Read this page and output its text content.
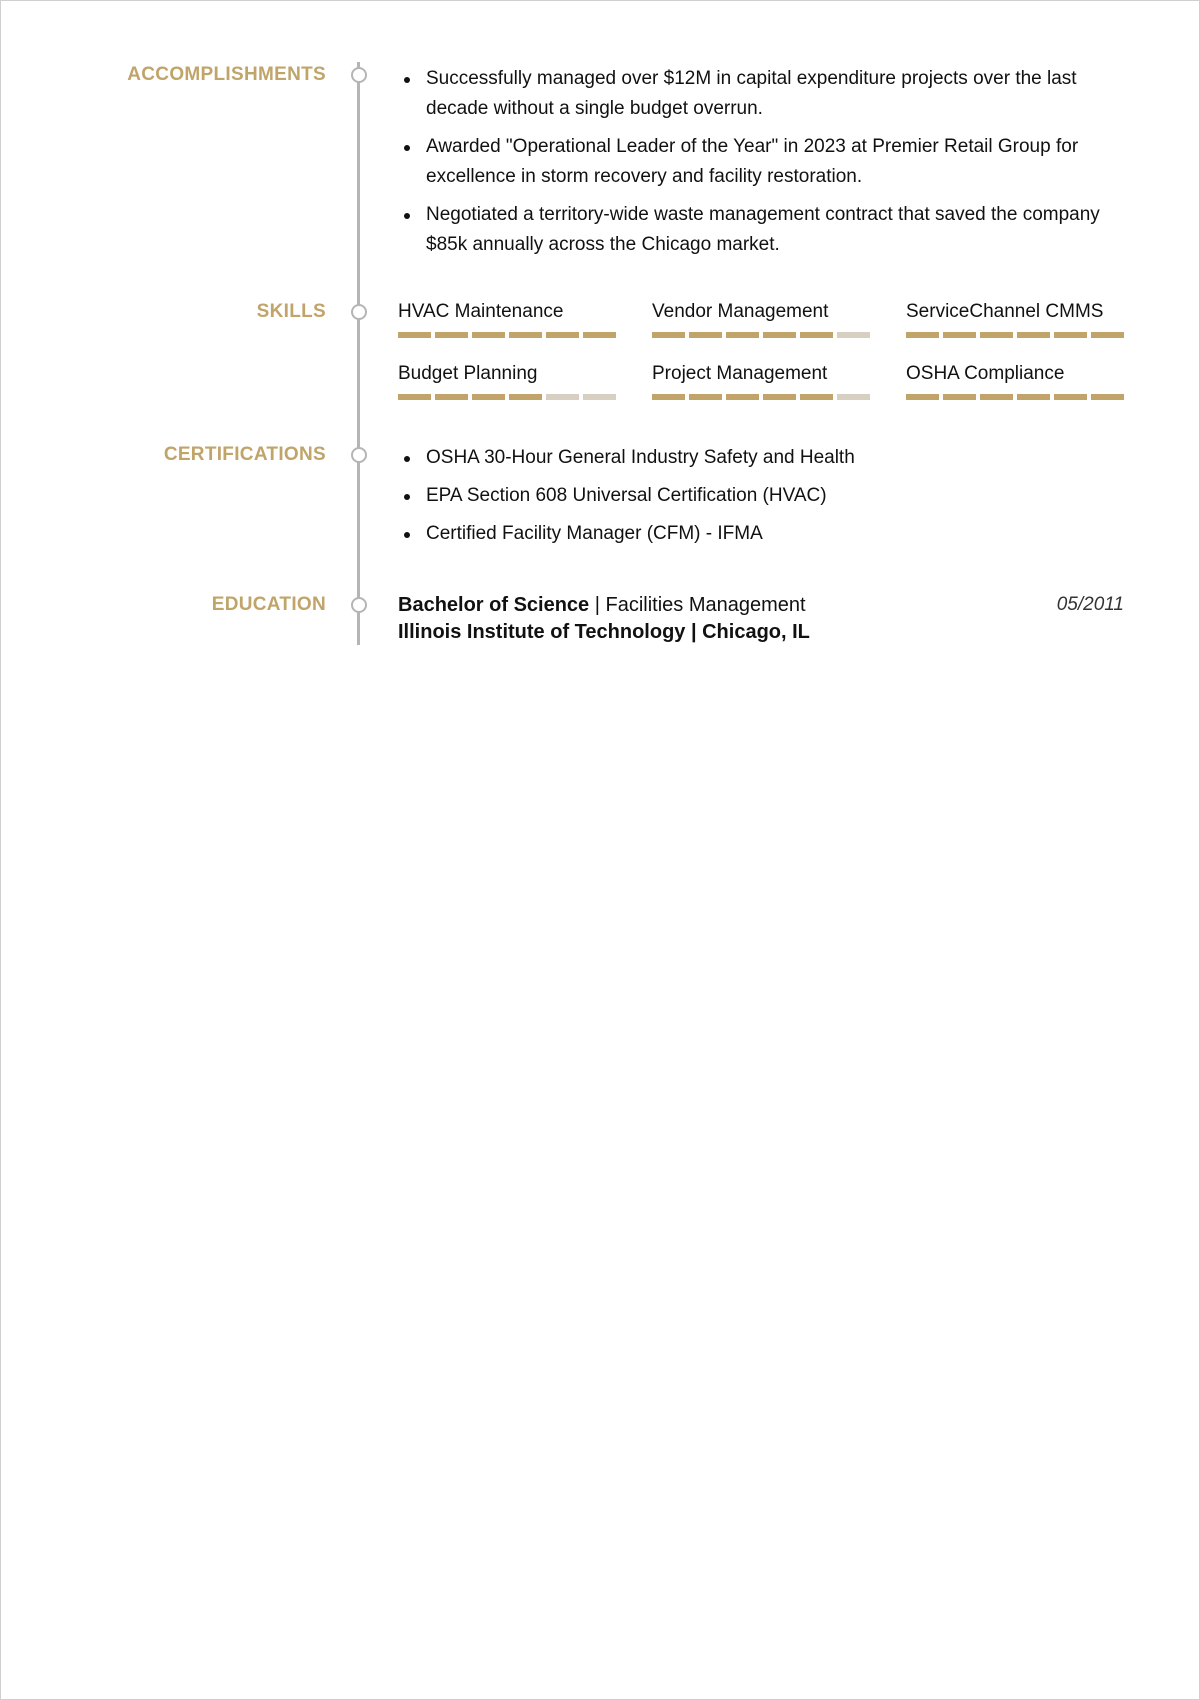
ACCOMPLISHMENTS	Successfully managed over $12M in capital expenditure projects over the last decade without a single budget overrun.
Awarded "Operational Leader of the Year" in 2023 at Premier Retail Group for excellence in storm recovery and facility restoration.
Negotiated a territory-wide waste management contract that saved the company $85k annually across the Chicago market.
SKILLS	HVAC Maintenance	Vendor Management	ServiceChannel CMMS
Budget Planning	Project Management	OSHA Compliance
CERTIFICATIONS	OSHA 30-Hour General Industry Safety and Health
EPA Section 608 Universal Certification (HVAC)
Certified Facility Manager (CFM) - IFMA
EDUCATION	Bachelor of Science | Facilities Management
Illinois Institute of Technology | Chicago, IL
05/2011
